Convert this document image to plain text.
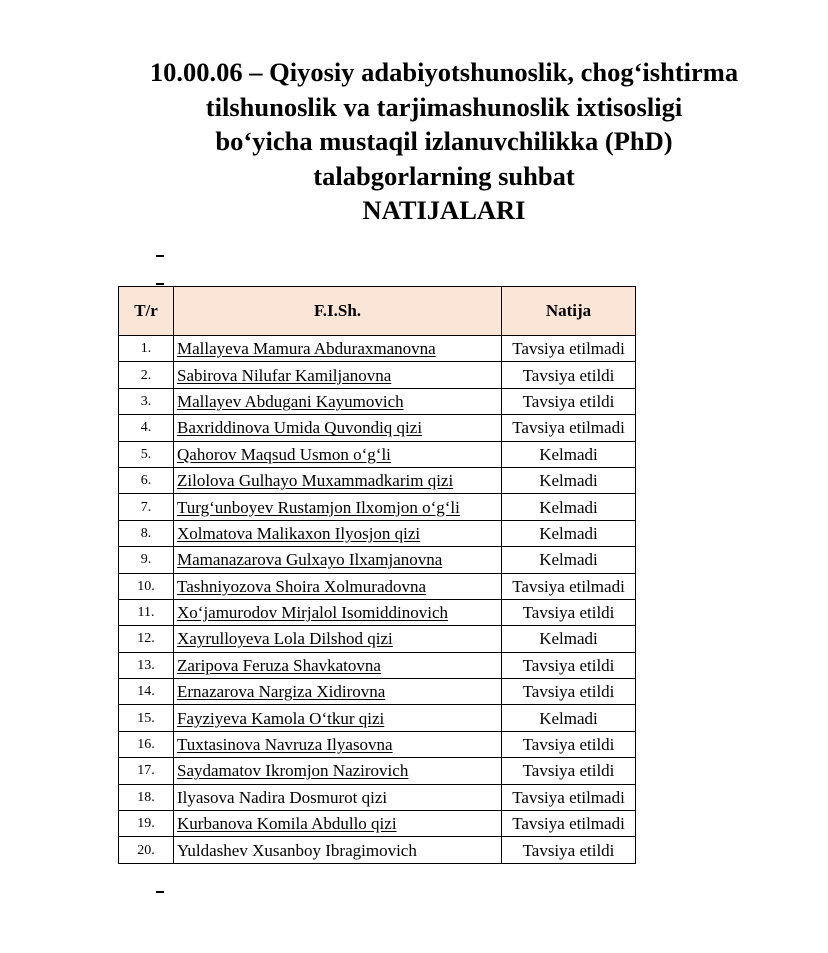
10.00.06 – Qiyosiy adabiyotshunoslik, chog‘ishtirma
tilshunoslik va tarjimashunoslik ixtisosligi
bo‘yicha mustaqil izlanuvchilikka (PhD)
talabgorlarning suhbat
NATIJALARI
T/r	F.I.Sh.	Natija
1.	Mallayeva Mamura Abduraxmanovna	Tavsiya etilmadi
2.	Sabirova Nilufar Kamiljanovna	Tavsiya etildi
3.	Mallayev Abdugani Kayumovich	Tavsiya etildi
4.	Baxriddinova Umida Quvondiq qizi	Tavsiya etilmadi
5.	Qahorov Maqsud Usmon o‘g‘li	Kelmadi
6.	Zilolova Gulhayo Muxammadkarim qizi	Kelmadi
7.	Turg‘unboyev Rustamjon Ilxomjon o‘g‘li	Kelmadi
8.	Xolmatova Malikaxon Ilyosjon qizi	Kelmadi
9.	Mamanazarova Gulxayo Ilxamjanovna	Kelmadi
10.	Tashniyozova Shoira Xolmuradovna	Tavsiya etilmadi
11.	Xo‘jamurodov Mirjalol Isomiddinovich	Tavsiya etildi
12.	Xayrulloyeva Lola Dilshod qizi	Kelmadi
13.	Zaripova Feruza Shavkatovna	Tavsiya etildi
14.	Ernazarova Nargiza Xidirovna	Tavsiya etildi
15.	Fayziyeva Kamola O‘tkur qizi	Kelmadi
16.	Tuxtasinova Navruza Ilyasovna	Tavsiya etildi
17.	Saydamatov Ikromjon Nazirovich	Tavsiya etildi
18.	Ilyasova Nadira Dosmurot qizi	Tavsiya etilmadi
19.	Kurbanova Komila Abdullo qizi	Tavsiya etilmadi
20.	Yuldashev Xusanboy Ibragimovich	Tavsiya etildi
